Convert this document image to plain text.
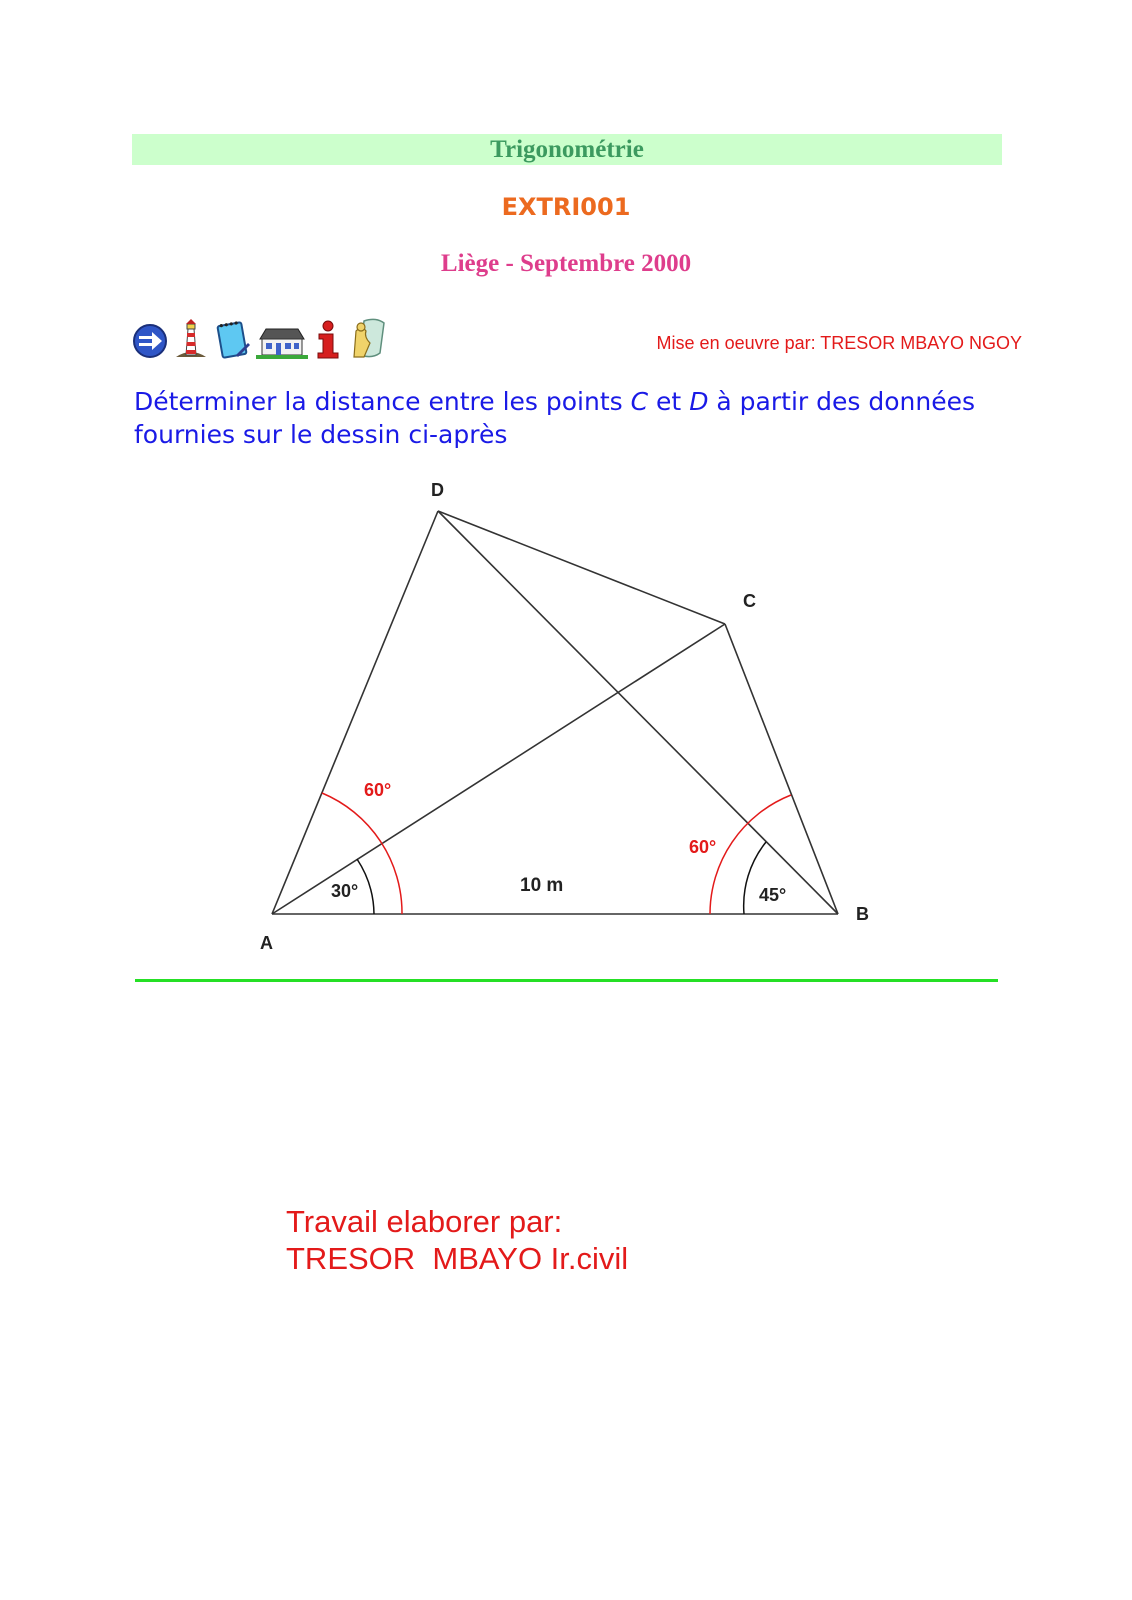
Trigonométrie
EXTRI001
Liège - Septembre 2000
Mise en oeuvre par: TRESOR MBAYO NGOY
Déterminer la distance entre les points C et D à partir des données fournies sur le dessin ci-après
D
C
A
B
60°
30°
60°
45°
10 m
Travail elaborer par:
TRESOR  MBAYO Ir.civil
